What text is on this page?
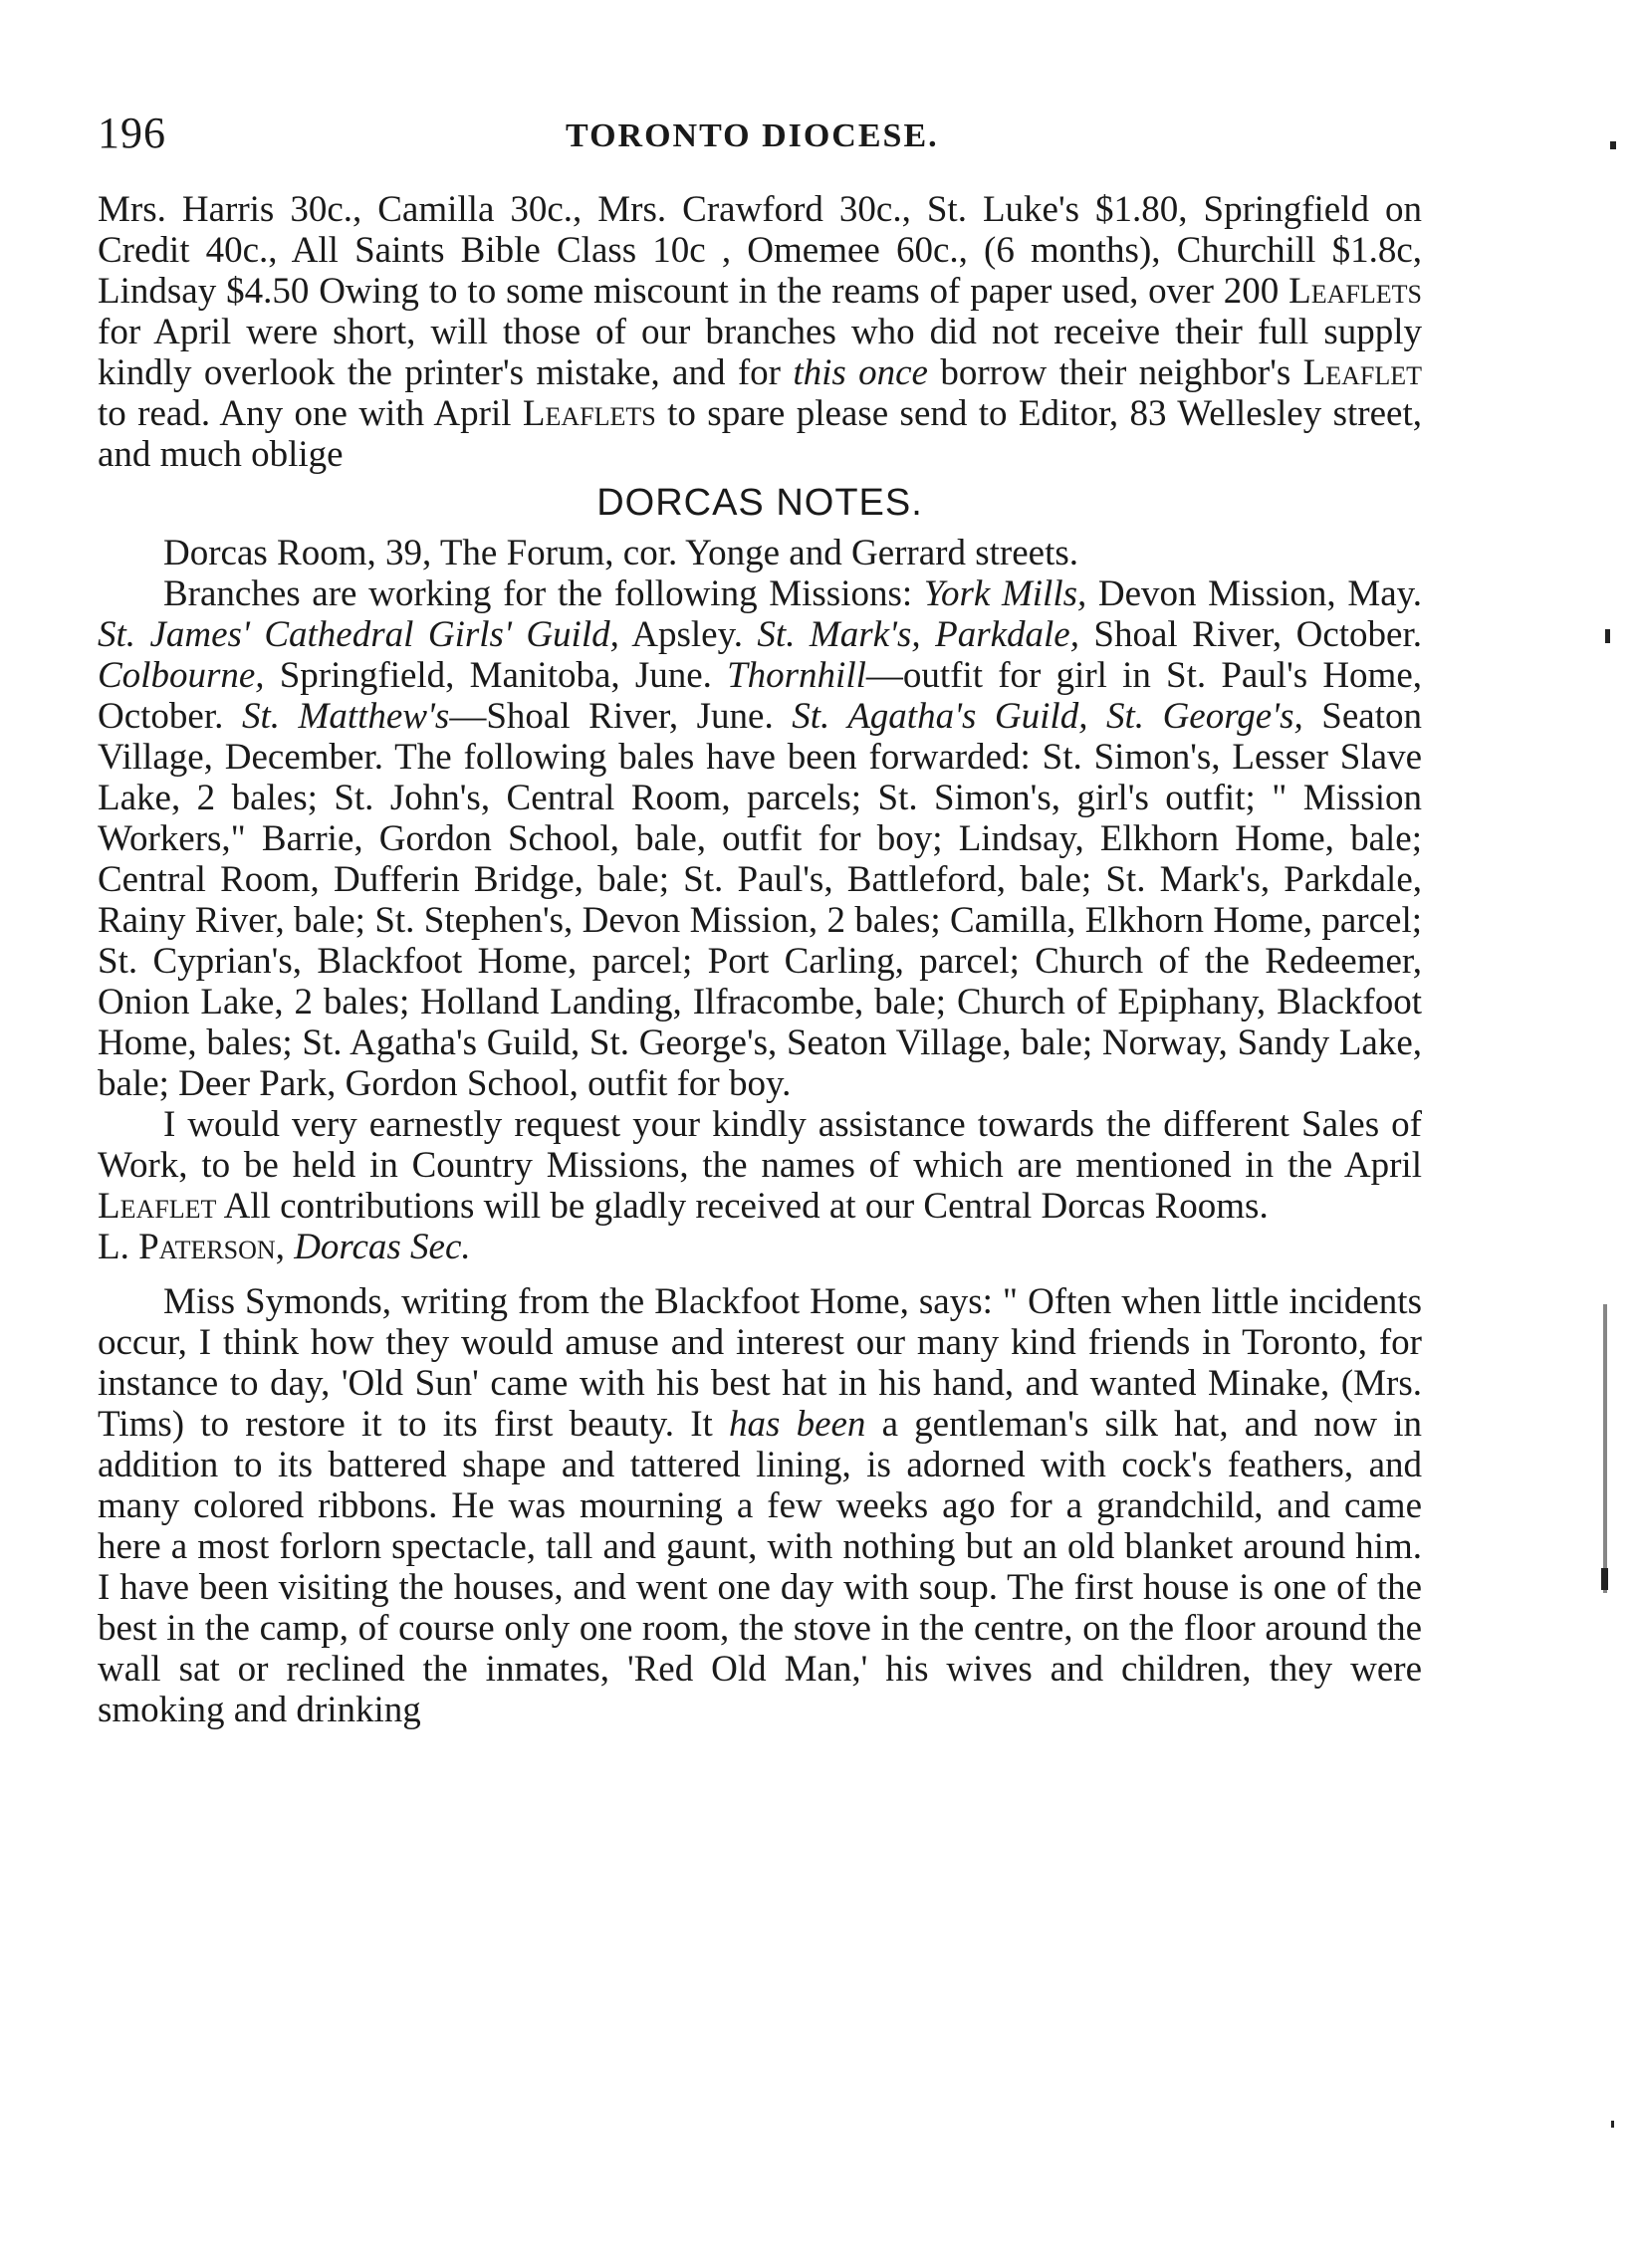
196	TORONTO DIOCESE.

Mrs. Harris 30c., Camilla 30c., Mrs. Crawford 30c., St. Luke's $1.80, Springfield on Credit 40c., All Saints Bible Class 10c , Omemee 60c., (6 months), Churchill $1.8c, Lindsay $4.50 Owing to to some miscount in the reams of paper used, over 200 Leaflets for April were short, will those of our branches who did not receive their full supply kindly overlook the printer's mistake, and for this once borrow their neighbor's Leaflet to read. Any one with April Leaflets to spare please send to Editor, 83 Wellesley street, and much oblige

DORCAS NOTES.

Dorcas Room, 39, The Forum, cor. Yonge and Gerrard streets.

Branches are working for the following Missions: York Mills, Devon Mission, May. St. James' Cathedral Girls' Guild, Apsley. St. Mark's, Parkdale, Shoal River, October. Colbourne, Springfield, Manitoba, June. Thornhill—outfit for girl in St. Paul's Home, October. St. Matthew's—Shoal River, June. St. Agatha's Guild, St. George's, Seaton Village, December. The following bales have been forwarded: St. Simon's, Lesser Slave Lake, 2 bales; St. John's, Central Room, parcels; St. Simon's, girl's outfit; " Mission Workers," Barrie, Gordon School, bale, outfit for boy; Lindsay, Elkhorn Home, bale; Central Room, Dufferin Bridge, bale; St. Paul's, Battleford, bale; St. Mark's, Parkdale, Rainy River, bale; St. Stephen's, Devon Mission, 2 bales; Camilla, Elkhorn Home, parcel; St. Cyprian's, Blackfoot Home, parcel; Port Carling, parcel; Church of the Redeemer, Onion Lake, 2 bales; Holland Landing, Ilfracombe, bale; Church of Epiphany, Blackfoot Home, bales; St. Agatha's Guild, St. George's, Seaton Village, bale; Norway, Sandy Lake, bale; Deer Park, Gordon School, outfit for boy.

I would very earnestly request your kindly assistance towards the different Sales of Work, to be held in Country Missions, the names of which are mentioned in the April Leaflet All contributions will be gladly received at our Central Dorcas Rooms.

L. Paterson, Dorcas Sec.

Miss Symonds, writing from the Blackfoot Home, says: " Often when little incidents occur, I think how they would amuse and interest our many kind friends in Toronto, for instance to day, 'Old Sun' came with his best hat in his hand, and wanted Minake, (Mrs. Tims) to restore it to its first beauty. It has been a gentleman's silk hat, and now in addition to its battered shape and tattered lining, is adorned with cock's feathers, and many colored ribbons. He was mourning a few weeks ago for a grandchild, and came here a most forlorn spectacle, tall and gaunt, with nothing but an old blanket around him. I have been visiting the houses, and went one day with soup. The first house is one of the best in the camp, of course only one room, the stove in the centre, on the floor around the wall sat or reclined the inmates, 'Red Old Man,' his wives and children, they were smoking and drinking
